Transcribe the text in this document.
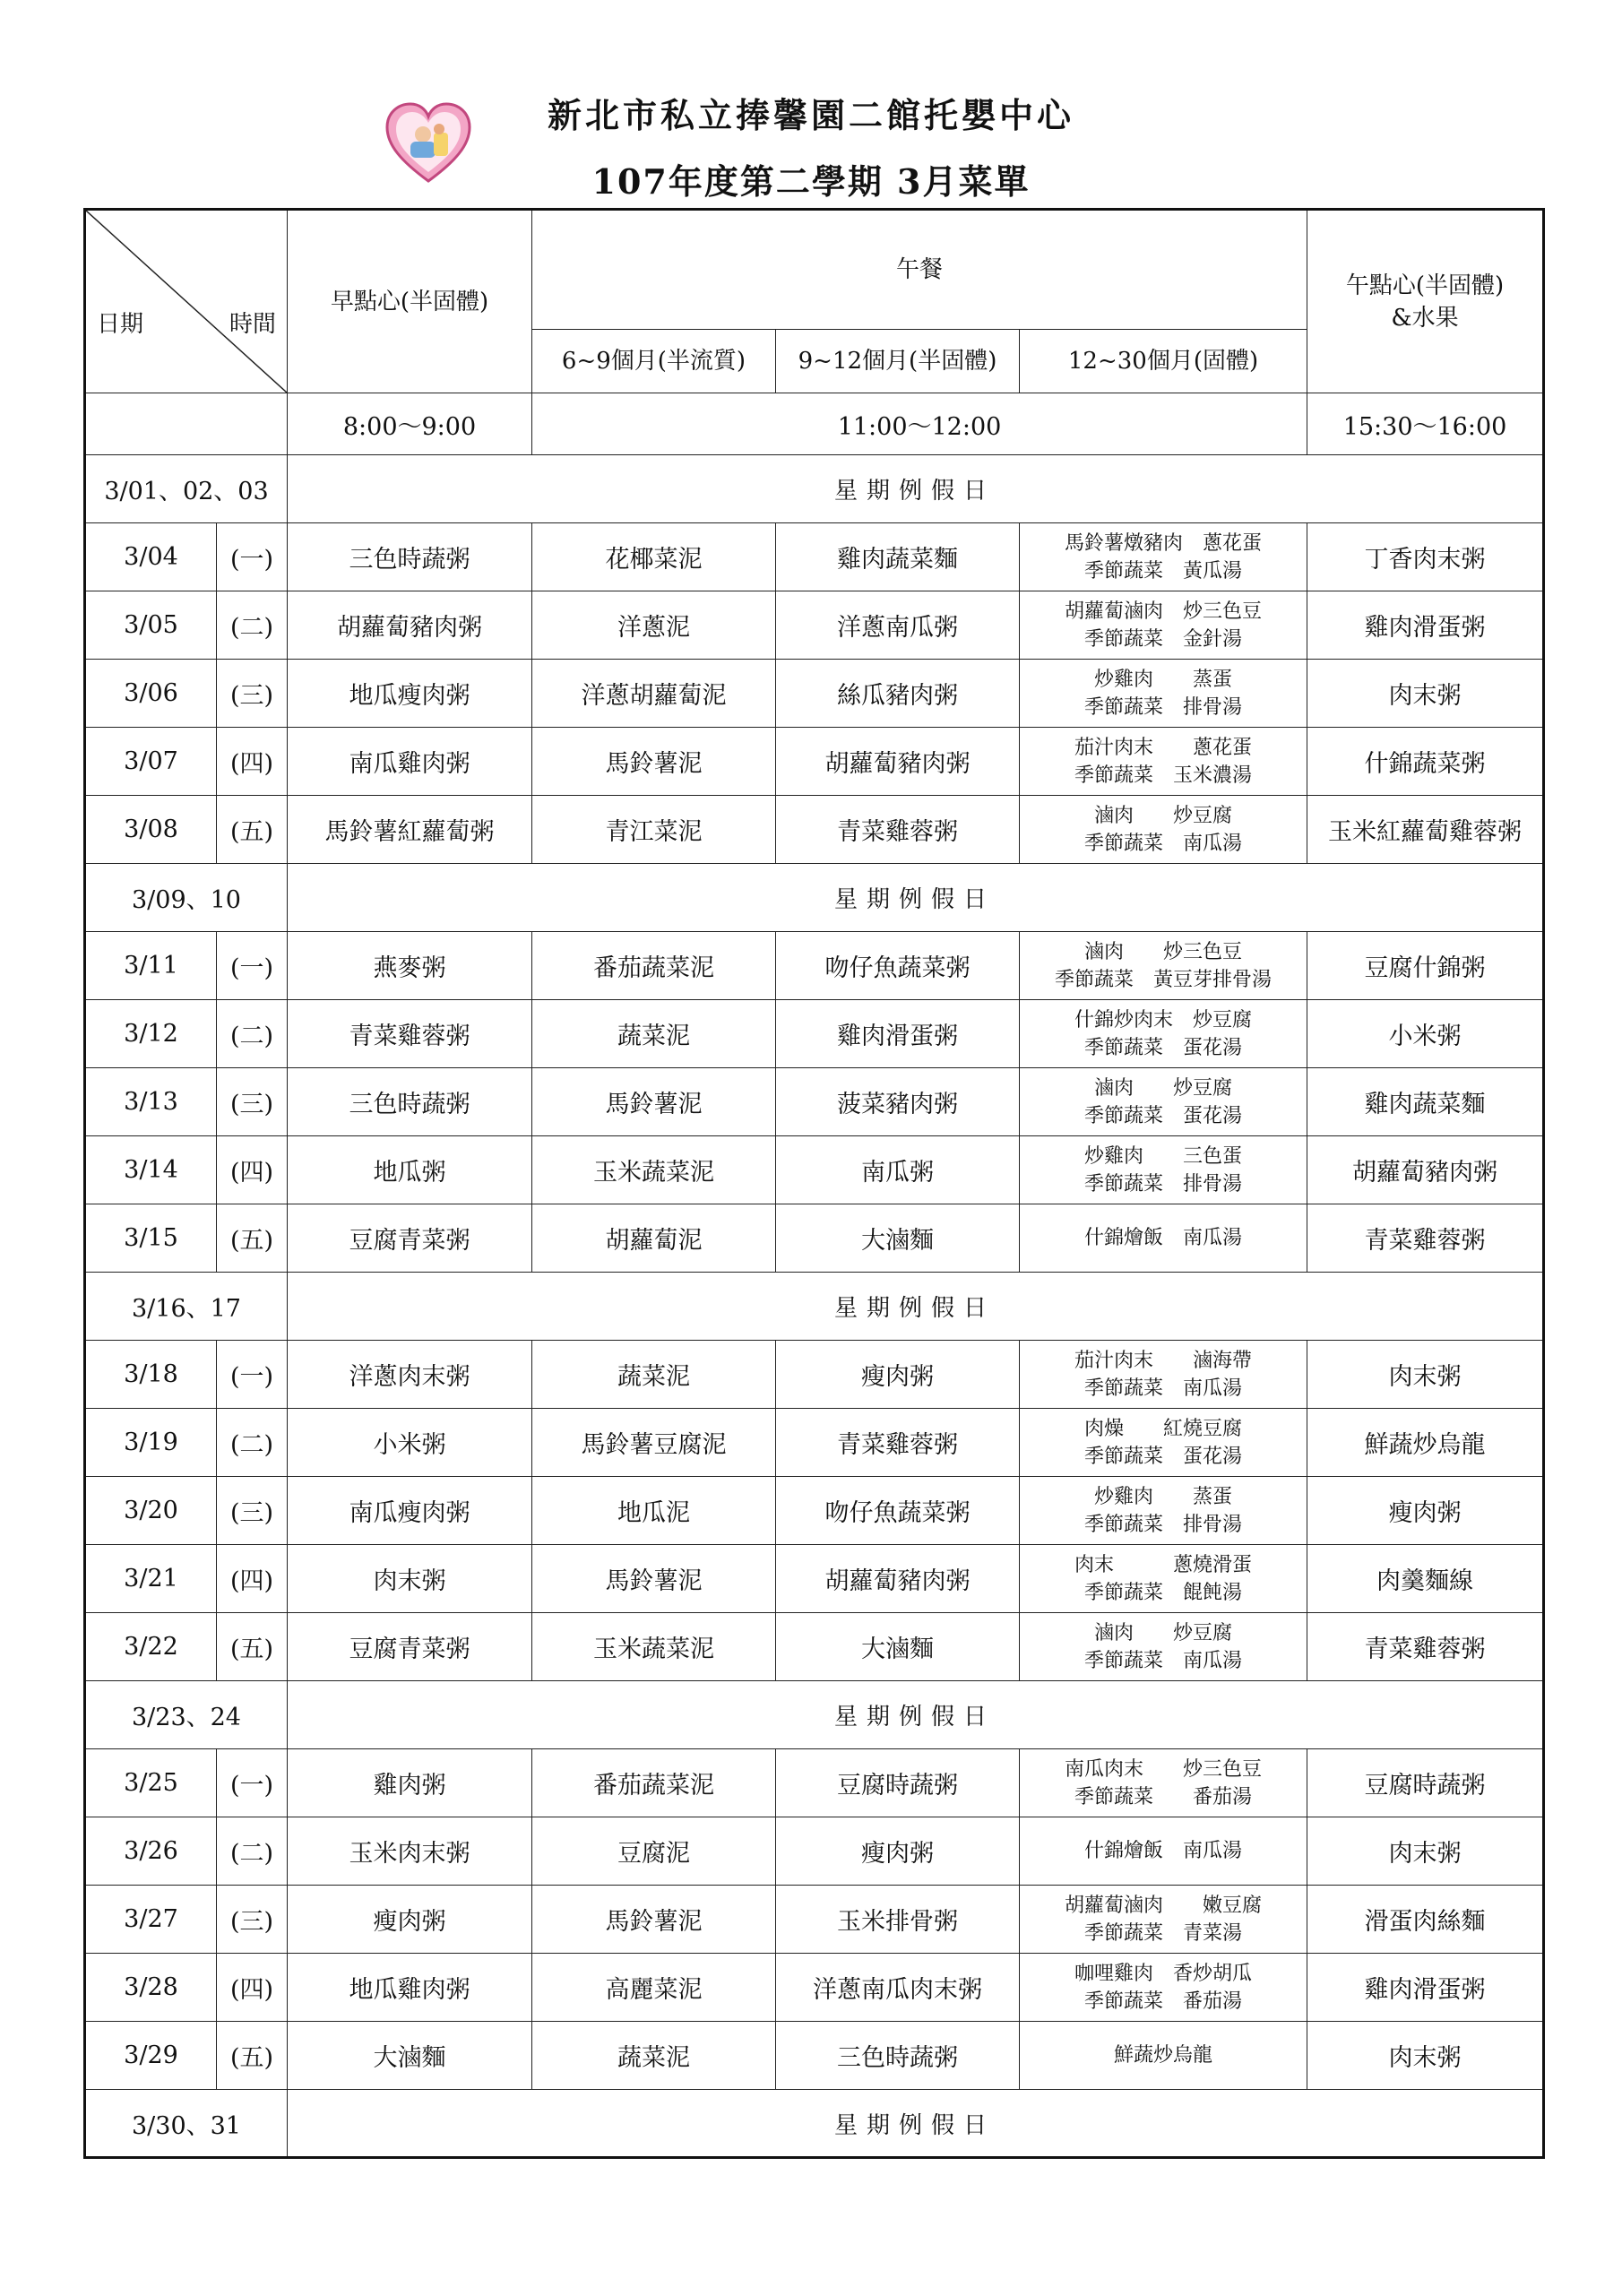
新北市私立捧馨園二館托嬰中心
107年度第二學期 3月菜單
日期 時間		早點心(半固體)	午餐			午點心(半固體)
&水果
			6~9個月(半流質)	9~12個月(半固體)	12~30個月(固體)	
		8:00～9:00	11:00～12:00			15:30～16:00
3/01、02、03		星期例假日				
3/04	(一)	三色時蔬粥	花椰菜泥	雞肉蔬菜麵	馬鈴薯燉豬肉　蔥花蛋
季節蔬菜　黃瓜湯	丁香肉末粥
3/05	(二)	胡蘿蔔豬肉粥	洋蔥泥	洋蔥南瓜粥	胡蘿蔔滷肉　炒三色豆
季節蔬菜　金針湯	雞肉滑蛋粥
3/06	(三)	地瓜瘦肉粥	洋蔥胡蘿蔔泥	絲瓜豬肉粥	炒雞肉　　蒸蛋
季節蔬菜　排骨湯	肉末粥
3/07	(四)	南瓜雞肉粥	馬鈴薯泥	胡蘿蔔豬肉粥	茄汁肉末　　蔥花蛋
季節蔬菜　玉米濃湯	什錦蔬菜粥
3/08	(五)	馬鈴薯紅蘿蔔粥	青江菜泥	青菜雞蓉粥	滷肉　　炒豆腐
季節蔬菜　南瓜湯	玉米紅蘿蔔雞蓉粥
3/09、10		星期例假日				
3/11	(一)	燕麥粥	番茄蔬菜泥	吻仔魚蔬菜粥	滷肉　　炒三色豆
季節蔬菜　黃豆芽排骨湯	豆腐什錦粥
3/12	(二)	青菜雞蓉粥	蔬菜泥	雞肉滑蛋粥	什錦炒肉末　炒豆腐
季節蔬菜　蛋花湯	小米粥
3/13	(三)	三色時蔬粥	馬鈴薯泥	菠菜豬肉粥	滷肉　　炒豆腐
季節蔬菜　蛋花湯	雞肉蔬菜麵
3/14	(四)	地瓜粥	玉米蔬菜泥	南瓜粥	炒雞肉　　三色蛋
季節蔬菜　排骨湯	胡蘿蔔豬肉粥
3/15	(五)	豆腐青菜粥	胡蘿蔔泥	大滷麵	什錦燴飯　南瓜湯	青菜雞蓉粥
3/16、17		星期例假日				
3/18	(一)	洋蔥肉末粥	蔬菜泥	瘦肉粥	茄汁肉末　　滷海帶
季節蔬菜　南瓜湯	肉末粥
3/19	(二)	小米粥	馬鈴薯豆腐泥	青菜雞蓉粥	肉燥　　紅燒豆腐
季節蔬菜　蛋花湯	鮮蔬炒烏龍
3/20	(三)	南瓜瘦肉粥	地瓜泥	吻仔魚蔬菜粥	炒雞肉　　蒸蛋
季節蔬菜　排骨湯	瘦肉粥
3/21	(四)	肉末粥	馬鈴薯泥	胡蘿蔔豬肉粥	肉末　　　蔥燒滑蛋
季節蔬菜　餛飩湯	肉羹麵線
3/22	(五)	豆腐青菜粥	玉米蔬菜泥	大滷麵	滷肉　　炒豆腐
季節蔬菜　南瓜湯	青菜雞蓉粥
3/23、24		星期例假日				
3/25	(一)	雞肉粥	番茄蔬菜泥	豆腐時蔬粥	南瓜肉末　　炒三色豆
季節蔬菜　　番茄湯	豆腐時蔬粥
3/26	(二)	玉米肉末粥	豆腐泥	瘦肉粥	什錦燴飯　南瓜湯	肉末粥
3/27	(三)	瘦肉粥	馬鈴薯泥	玉米排骨粥	胡蘿蔔滷肉　　嫩豆腐
季節蔬菜　青菜湯	滑蛋肉絲麵
3/28	(四)	地瓜雞肉粥	高麗菜泥	洋蔥南瓜肉末粥	咖哩雞肉　香炒胡瓜
季節蔬菜　番茄湯	雞肉滑蛋粥
3/29	(五)	大滷麵	蔬菜泥	三色時蔬粥	鮮蔬炒烏龍	肉末粥
3/30、31		星期例假日				
